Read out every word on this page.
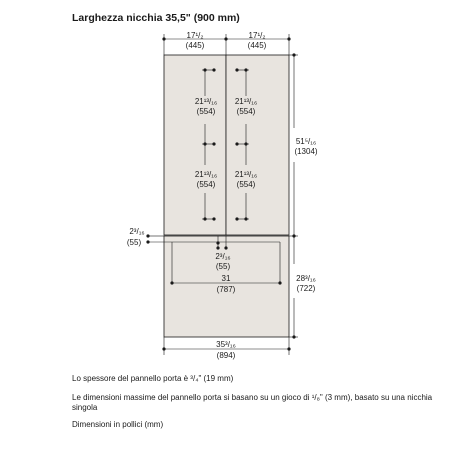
Larghezza nicchia 35,5" (900 mm)
17¹/₂
(445)
17¹/₂
(445)
21¹³/₁₆
(554)
21¹³/₁₆
(554)
21¹³/₁₆
(554)
21¹³/₁₆
(554)
51⁵/₁₆
(1304)
28³/₁₆
(722)
2³/₁₆
(55)
2³/₁₆
(55)
31
(787)
35³/₁₆
(894)
Lo spessore del pannello porta è ³/₄" (19 mm)
Le dimensioni massime del pannello porta si basano su un gioco di ¹/₈" (3 mm), basato su una nicchia singola
Dimensioni in pollici (mm)
